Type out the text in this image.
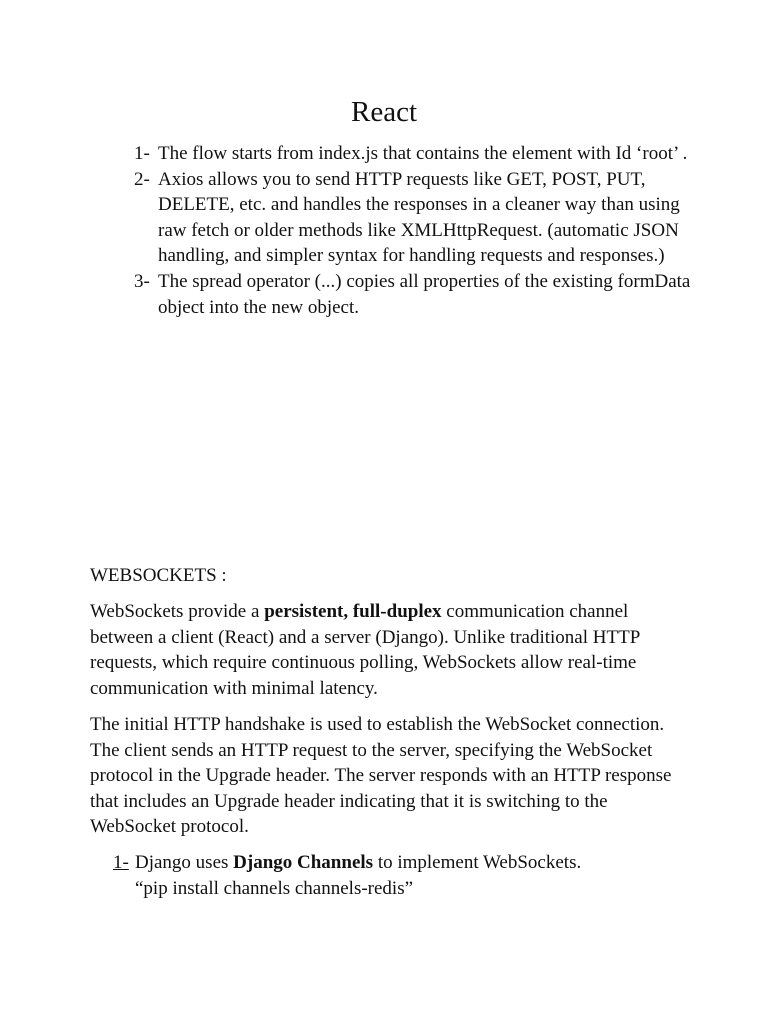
React
1- The flow starts from index.js that contains the element with Id ‘root’ .
2- Axios allows you to send HTTP requests like GET, POST, PUT, DELETE, etc. and handles the responses in a cleaner way than using raw fetch or older methods like XMLHttpRequest. (automatic JSON handling, and simpler syntax for handling requests and responses.)
3- The spread operator (...) copies all properties of the existing formData object into the new object.
WEBSOCKETS :
WebSockets provide a persistent, full-duplex communication channel between a client (React) and a server (Django). Unlike traditional HTTP requests, which require continuous polling, WebSockets allow real-time communication with minimal latency.
The initial HTTP handshake is used to establish the WebSocket connection. The client sends an HTTP request to the server, specifying the WebSocket protocol in the Upgrade header. The server responds with an HTTP response that includes an Upgrade header indicating that it is switching to the WebSocket protocol.
1- Django uses Django Channels to implement WebSockets.
“pip install channels channels-redis”
